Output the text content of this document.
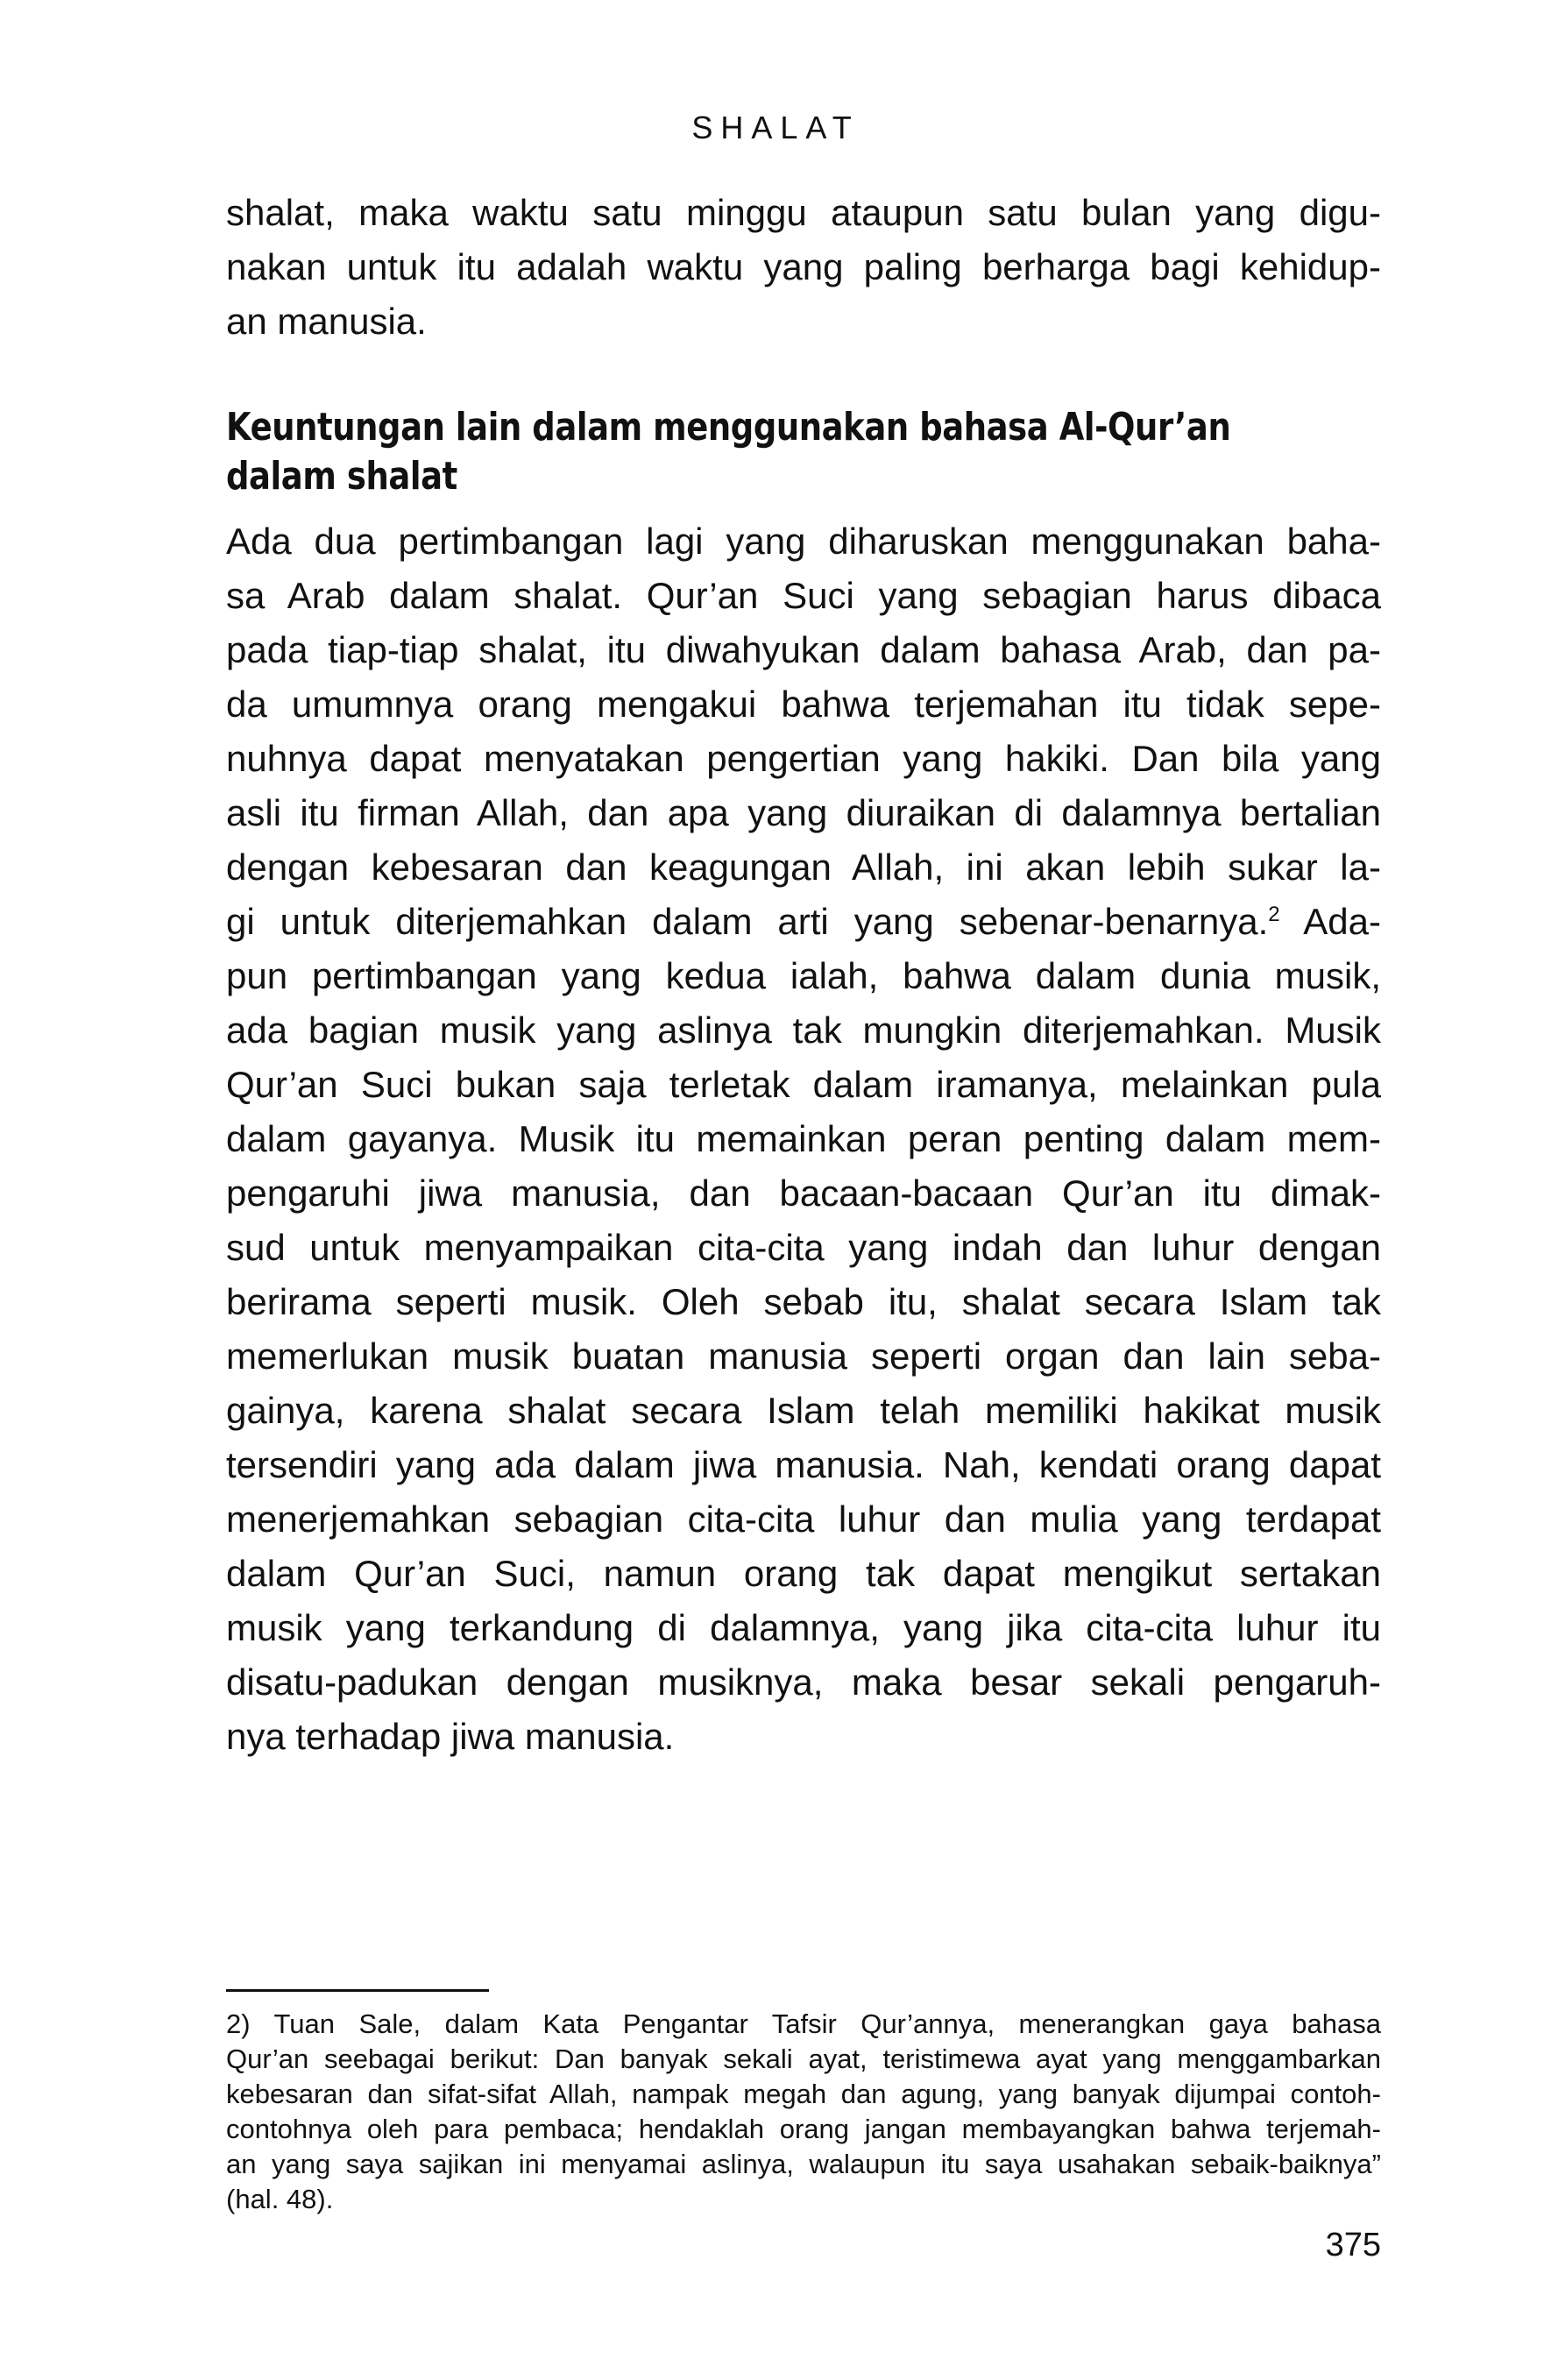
SHALAT
shalat, maka waktu satu minggu ataupun satu bulan yang digu-
nakan untuk itu adalah waktu yang paling berharga bagi kehidup-
an manusia.
Keuntungan lain dalam menggunakan bahasa Al-Qur’an
dalam shalat
Ada dua pertimbangan lagi yang diharuskan menggunakan baha-
sa Arab dalam shalat. Qur’an Suci yang sebagian harus dibaca
pada tiap-tiap shalat, itu diwahyukan dalam bahasa Arab, dan pa-
da umumnya orang mengakui bahwa terjemahan itu tidak sepe-
nuhnya dapat menyatakan pengertian yang hakiki. Dan bila yang
asli itu firman Allah, dan apa yang diuraikan di dalamnya bertalian
dengan kebesaran dan keagungan Allah, ini akan lebih sukar la-
gi untuk diterjemahkan dalam arti yang sebenar-benarnya.$^2$ Ada-
pun pertimbangan yang kedua ialah, bahwa dalam dunia musik,
ada bagian musik yang aslinya tak mungkin diterjemahkan. Musik
Qur’an Suci bukan saja terletak dalam iramanya, melainkan pula
dalam gayanya. Musik itu memainkan peran penting dalam mem-
pengaruhi jiwa manusia, dan bacaan-bacaan Qur’an itu dimak-
sud untuk menyampaikan cita-cita yang indah dan luhur dengan
berirama seperti musik. Oleh sebab itu, shalat secara Islam tak
memerlukan musik buatan manusia seperti organ dan lain seba-
gainya, karena shalat secara Islam telah memiliki hakikat musik
tersendiri yang ada dalam jiwa manusia. Nah, kendati orang dapat
menerjemahkan sebagian cita-cita luhur dan mulia yang terdapat
dalam Qur’an Suci, namun orang tak dapat mengikut sertakan
musik yang terkandung di dalamnya, yang jika cita-cita luhur itu
disatu-padukan dengan musiknya, maka besar sekali pengaruh-
nya terhadap jiwa manusia.
2) Tuan Sale, dalam Kata Pengantar Tafsir Qur’annya, menerangkan gaya bahasa
Qur’an seebagai berikut: Dan banyak sekali ayat, teristimewa ayat yang menggambarkan
kebesaran dan sifat-sifat Allah, nampak megah dan agung, yang banyak dijumpai contoh-
contohnya oleh para pembaca; hendaklah orang jangan membayangkan bahwa terjemah-
an yang saya sajikan ini menyamai aslinya, walaupun itu saya usahakan sebaik-baiknya”
(hal. 48).
375
